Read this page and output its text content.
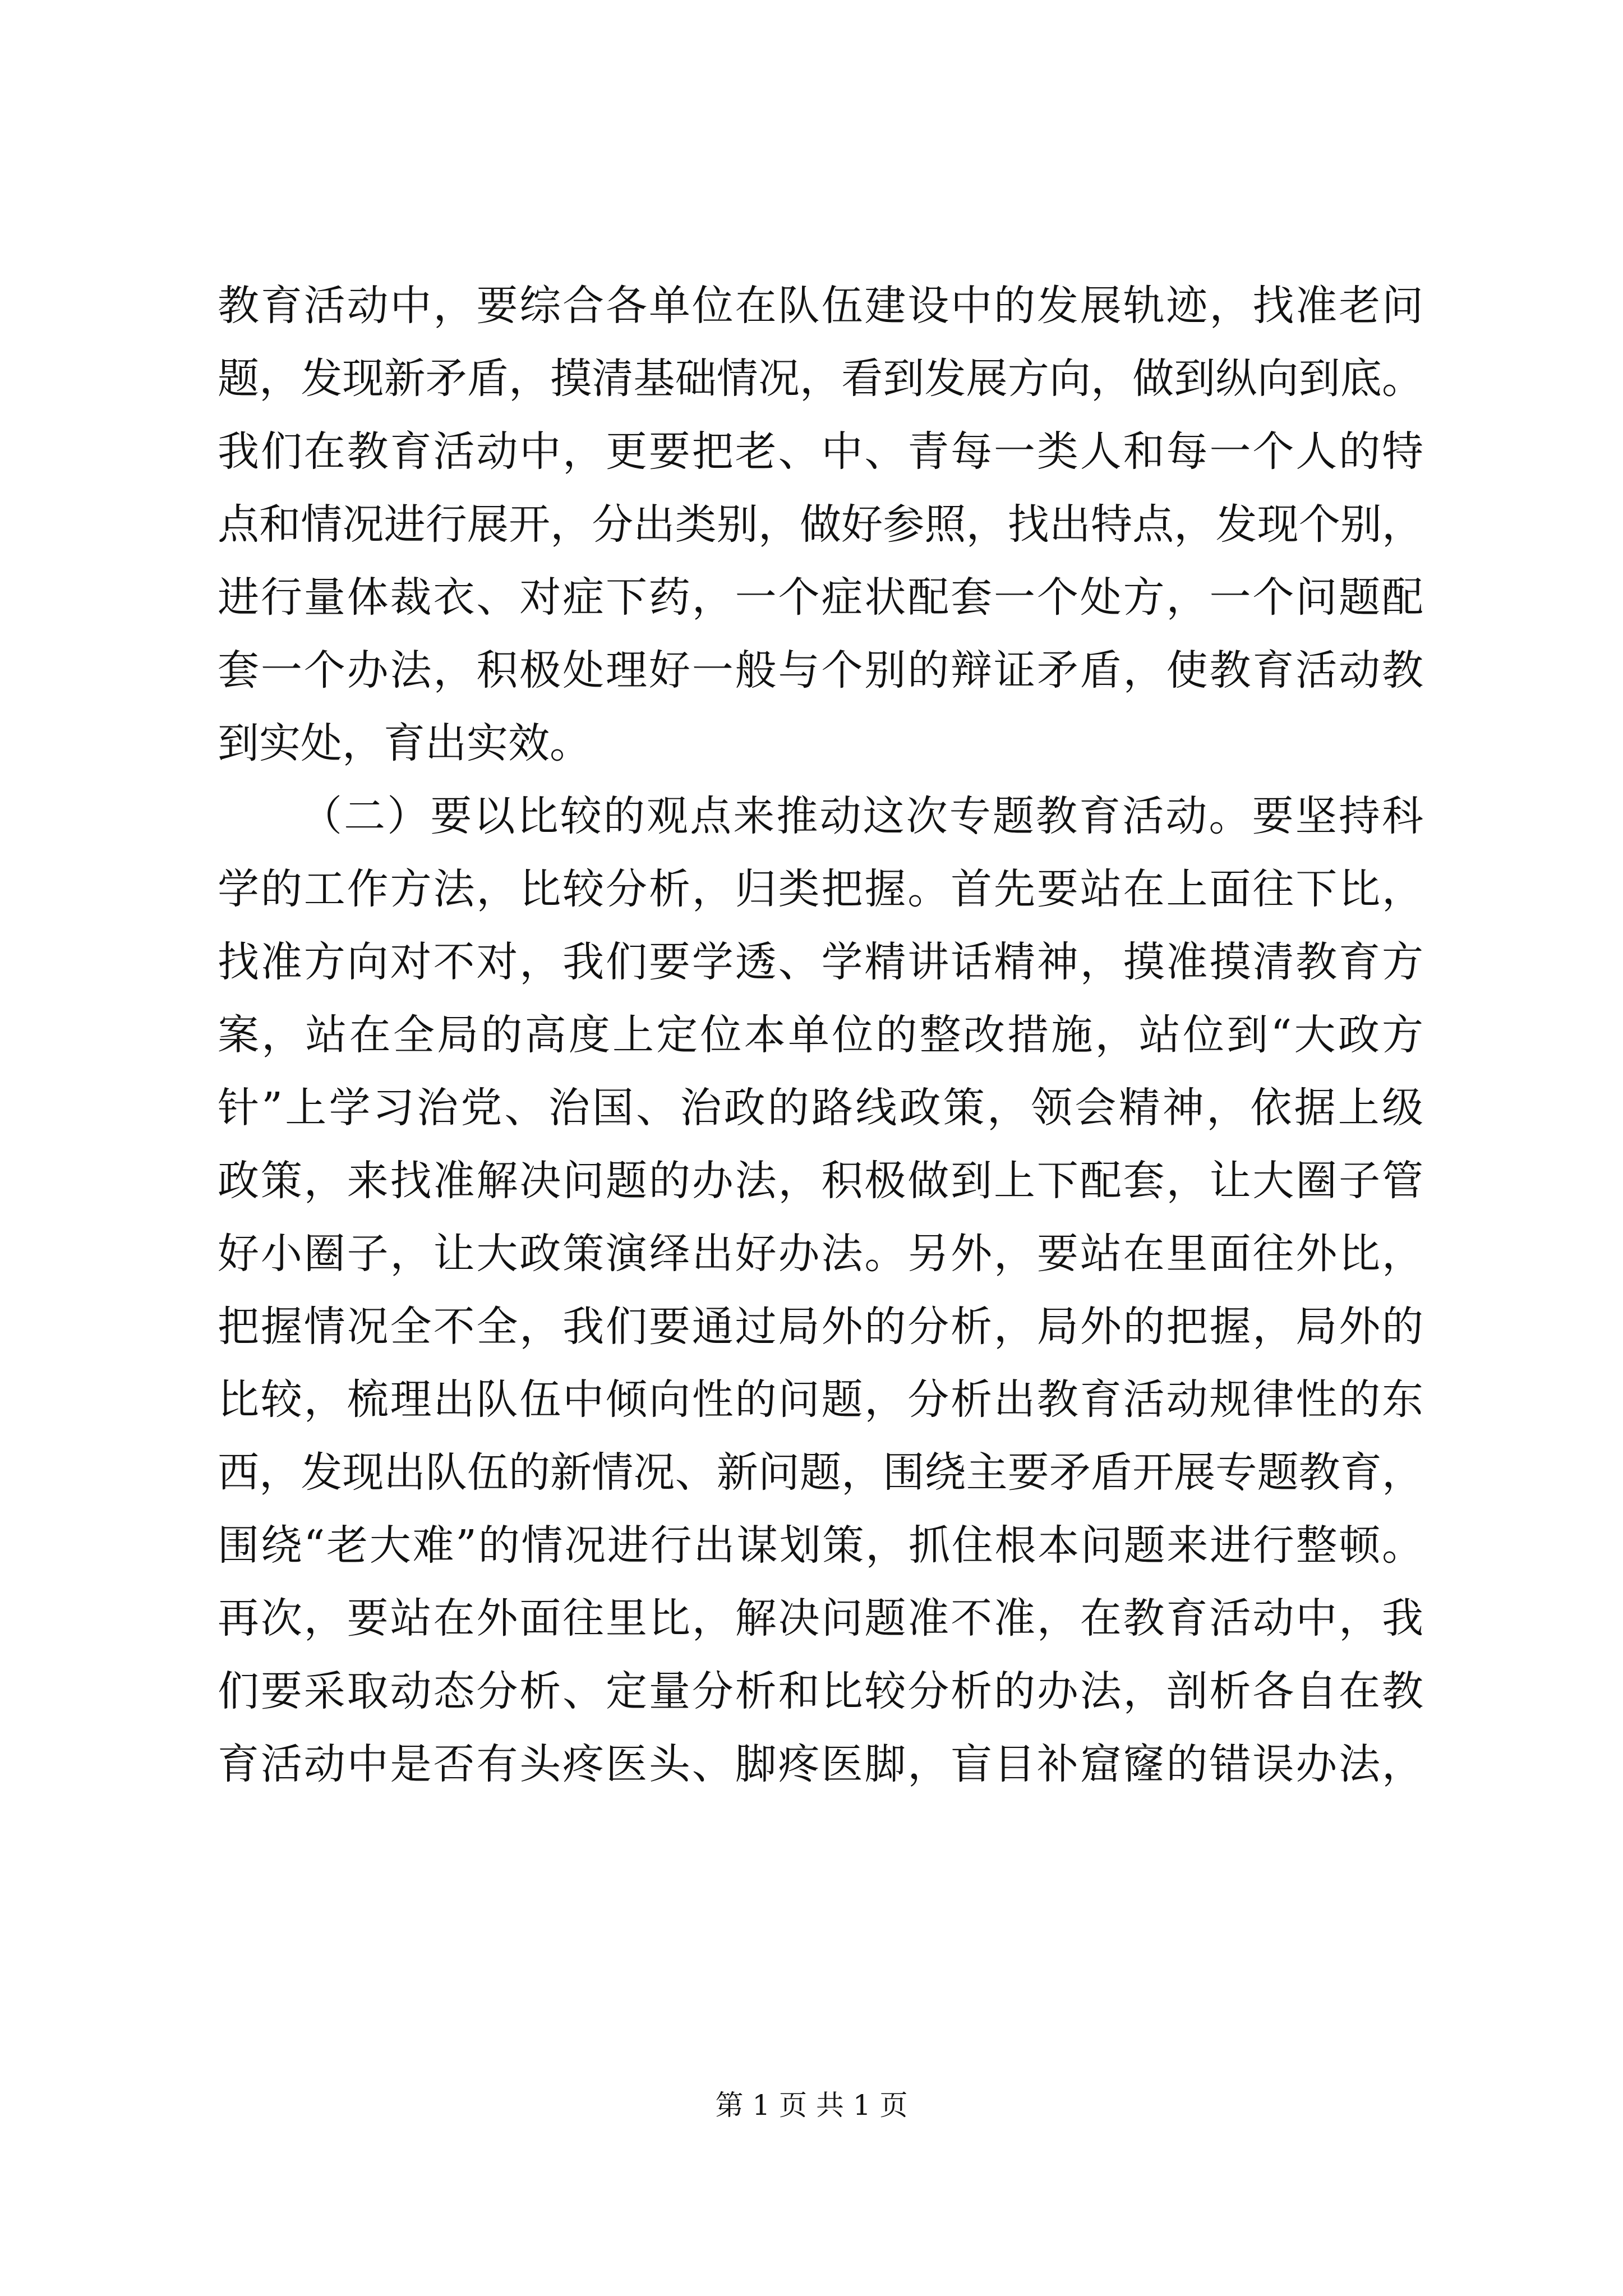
教育活动中，要综合各单位在队伍建设中的发展轨迹，找准老问
题，发现新矛盾，摸清基础情况，看到发展方向，做到纵向到底。
我们在教育活动中，更要把老、中、青每一类人和每一个人的特
点和情况进行展开，分出类别，做好参照，找出特点，发现个别，
进行量体裁衣、对症下药，一个症状配套一个处方，一个问题配
套一个办法，积极处理好一般与个别的辩证矛盾，使教育活动教
到实处，育出实效。
（二）要以比较的观点来推动这次专题教育活动。要坚持科
学的工作方法，比较分析，归类把握。首先要站在上面往下比，
找准方向对不对，我们要学透、学精讲话精神，摸准摸清教育方
案，站在全局的高度上定位本单位的整改措施，站位到“大政方
针”上学习治党、治国、治政的路线政策，领会精神，依据上级
政策，来找准解决问题的办法，积极做到上下配套，让大圈子管
好小圈子，让大政策演绎出好办法。另外，要站在里面往外比，
把握情况全不全，我们要通过局外的分析，局外的把握，局外的
比较，梳理出队伍中倾向性的问题，分析出教育活动规律性的东
西，发现出队伍的新情况、新问题，围绕主要矛盾开展专题教育，
围绕“老大难”的情况进行出谋划策，抓住根本问题来进行整顿。
再次，要站在外面往里比，解决问题准不准，在教育活动中，我
们要采取动态分析、定量分析和比较分析的办法，剖析各自在教
育活动中是否有头疼医头、脚疼医脚，盲目补窟窿的错误办法，
第 1 页 共 1 页
